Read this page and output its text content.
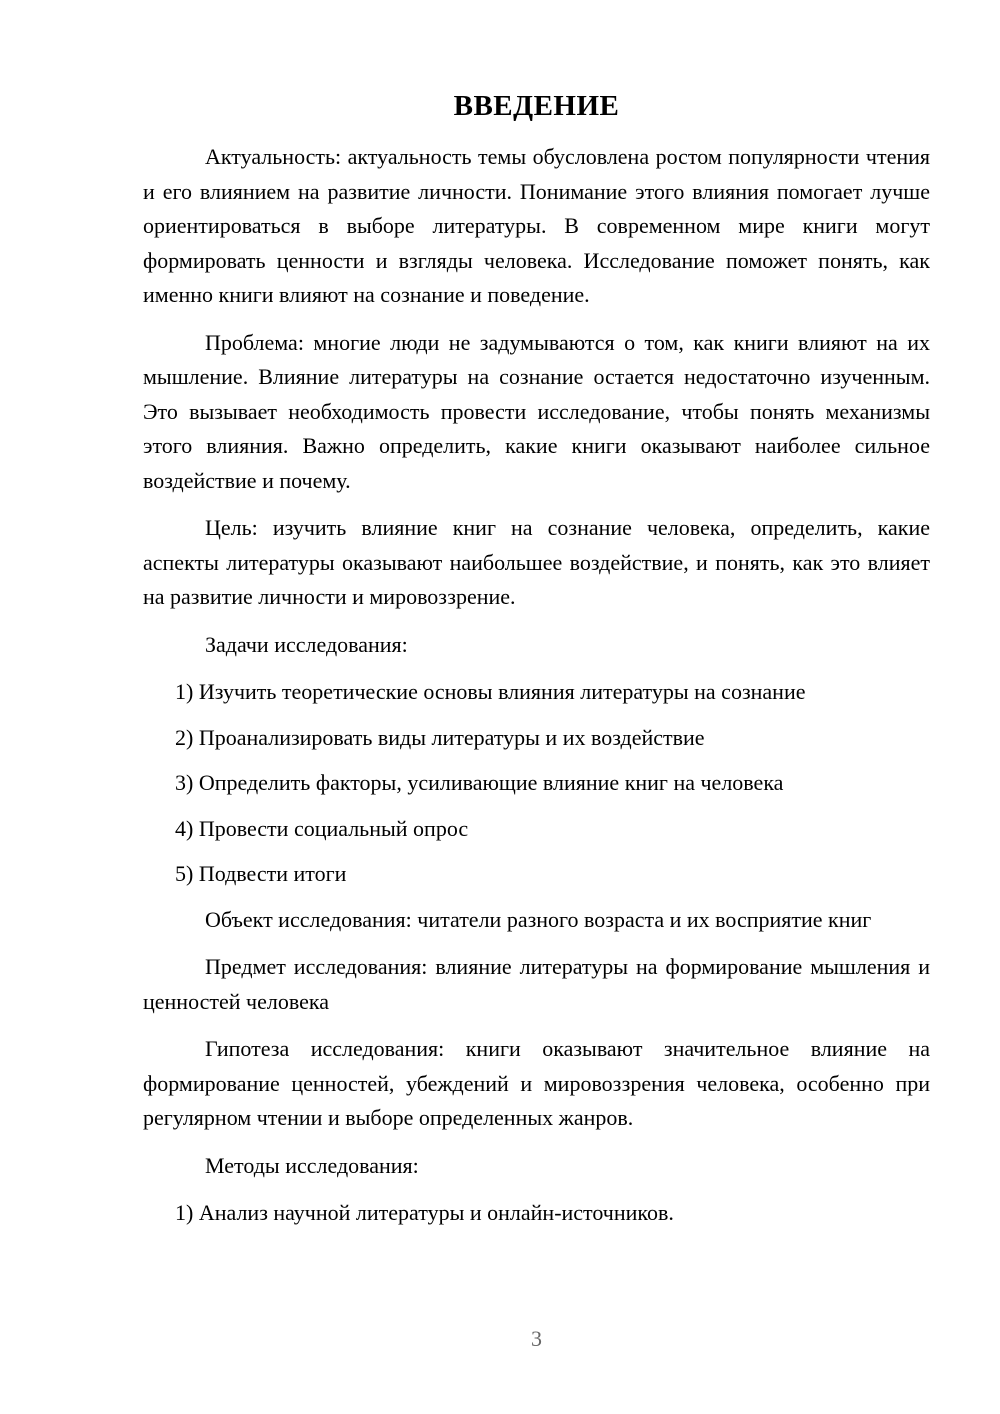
ВВЕДЕНИЕ

Актуальность: актуальность темы обусловлена ростом популярности чтения и его влиянием на развитие личности. Понимание этого влияния помогает лучше ориентироваться в выборе литературы. В современном мире книги могут формировать ценности и взгляды человека. Исследование поможет понять, как именно книги влияют на сознание и поведение.

Проблема: многие люди не задумываются о том, как книги влияют на их мышление. Влияние литературы на сознание остается недостаточно изученным. Это вызывает необходимость провести исследование, чтобы понять механизмы этого влияния. Важно определить, какие книги оказывают наиболее сильное воздействие и почему.

Цель: изучить влияние книг на сознание человека, определить, какие аспекты литературы оказывают наибольшее воздействие, и понять, как это влияет на развитие личности и мировоззрение.

Задачи исследования:

1) Изучить теоретические основы влияния литературы на сознание

2) Проанализировать виды литературы и их воздействие

3) Определить факторы, усиливающие влияние книг на человека

4) Провести социальный опрос

5) Подвести итоги

Объект исследования: читатели разного возраста и их восприятие книг

Предмет исследования: влияние литературы на формирование мышления и ценностей человека

Гипотеза исследования: книги оказывают значительное влияние на формирование ценностей, убеждений и мировоззрения человека, особенно при регулярном чтении и выборе определенных жанров.

Методы исследования:

1) Анализ научной литературы и онлайн-источников.

3
